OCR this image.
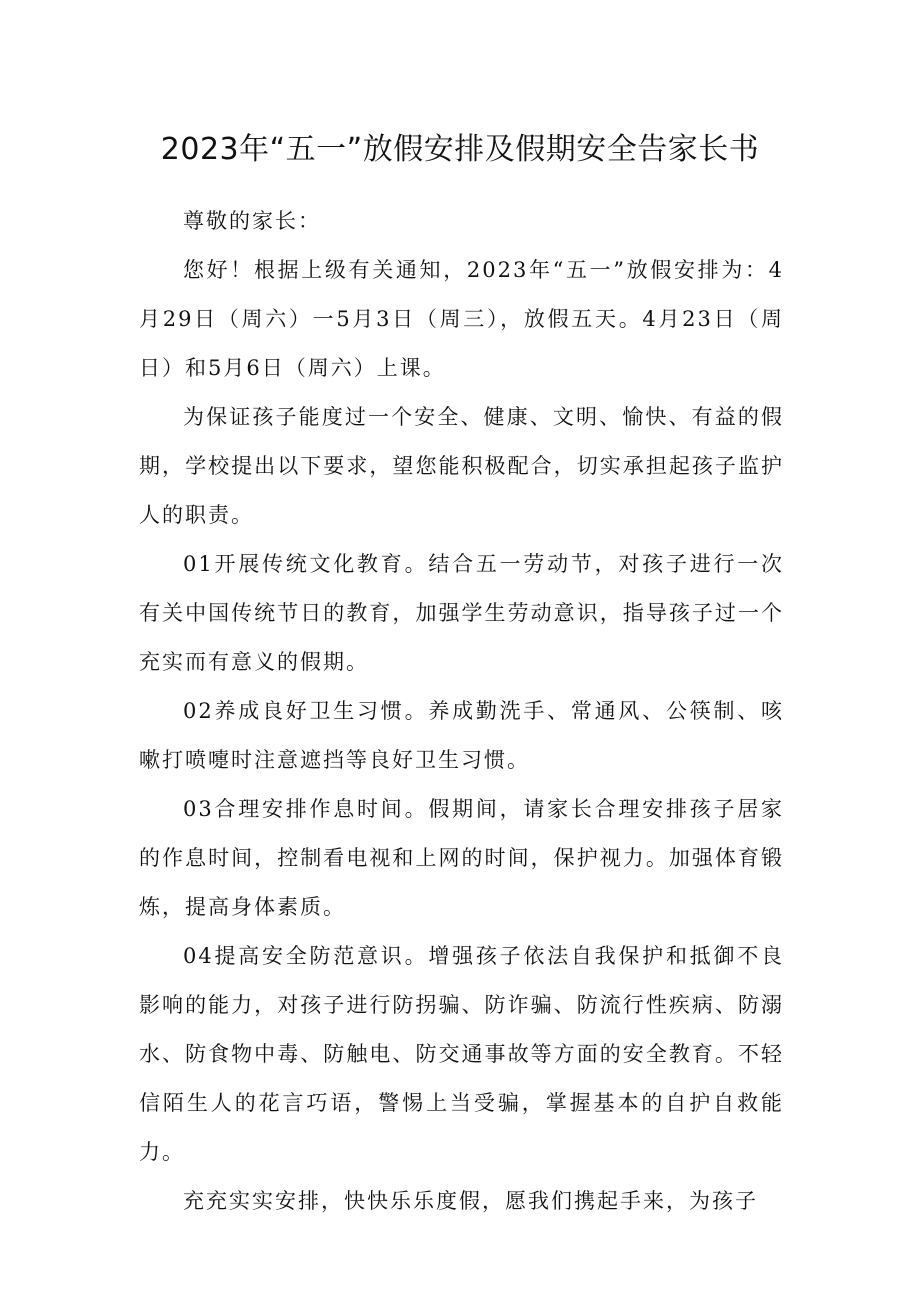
2023年“五一”放假安排及假期安全告家长书

尊敬的家长：

您好！根据上级有关通知，2023年“五一”放假安排为：4月29日（周六）一5月3日（周三），放假五天。4月23日（周日）和5月6日（周六）上课。

为保证孩子能度过一个安全、健康、文明、愉快、有益的假期，学校提出以下要求，望您能积极配合，切实承担起孩子监护人的职责。

01开展传统文化教育。结合五一劳动节，对孩子进行一次有关中国传统节日的教育，加强学生劳动意识，指导孩子过一个充实而有意义的假期。

02养成良好卫生习惯。养成勤洗手、常通风、公筷制、咳嗽打喷嚏时注意遮挡等良好卫生习惯。

03合理安排作息时间。假期间，请家长合理安排孩子居家的作息时间，控制看电视和上网的时间，保护视力。加强体育锻炼，提高身体素质。

04提高安全防范意识。增强孩子依法自我保护和抵御不良影响的能力，对孩子进行防拐骗、防诈骗、防流行性疾病、防溺水、防食物中毒、防触电、防交通事故等方面的安全教育。不轻信陌生人的花言巧语，警惕上当受骗，掌握基本的自护自救能力。

充充实实安排，快快乐乐度假，愿我们携起手来，为孩子
